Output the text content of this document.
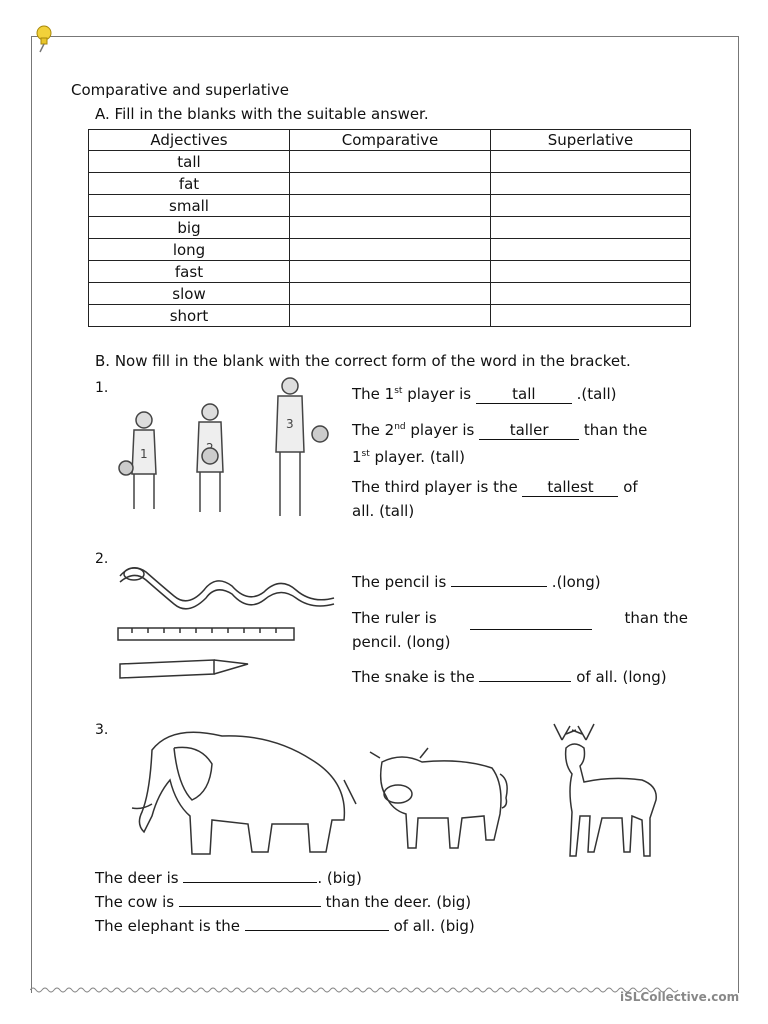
Comparative and superlative
A. Fill in the blanks with the suitable answer.
Adjectives	Comparative	Superlative
tall		
fat		
small		
big		
long		
fast		
slow		
short		
B. Now fill in the blank with the correct form of the word in the bracket.
1.
1
3
The 1st player is tall .(tall)
The 2nd player is taller than the
1st player. (tall)
The third player is the tallest of
all. (tall)
2.
The pencil is	.(long)
The ruler is	than the
pencil. (long)
The snake is the	of all. (long)
3.
The deer is	. (big)
The cow is	than the deer. (big)
The elephant is the	of all. (big)
iSLCollective.com
